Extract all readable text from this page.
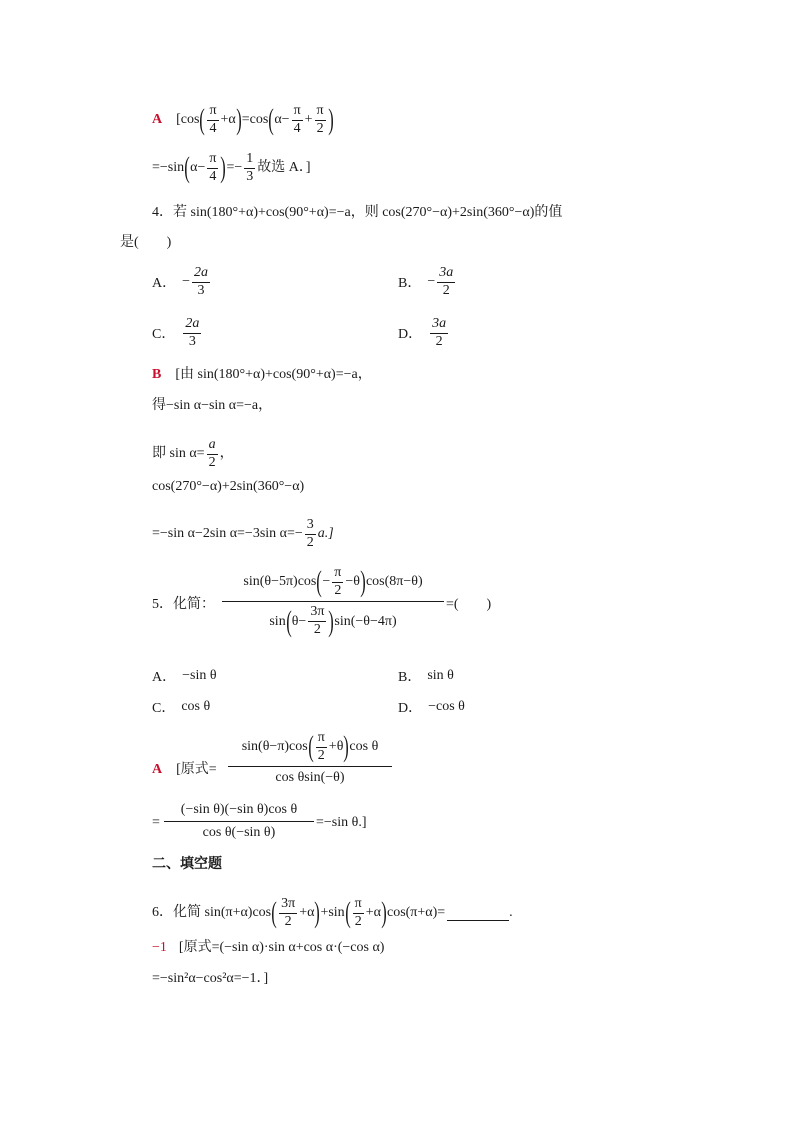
A [cos ( $\frac{\pi}{4} +\alpha$ ) =cos ( $\alpha- \frac{\pi}{4} + \frac{\pi}{2}$ )
=−sin ( $\alpha- \frac{\pi}{4}$ ) =− $\frac{1}{3}$ 故选 A．]
4．若 sin(180°+α)+cos(90°+α)=−a，则 cos(270°−α)+2sin(360°−α)的值
是(　　)
A． − $\frac{2a}{3}$	B． − $\frac{3a}{2}$
C． $\frac{2a}{3}$	D． $\frac{3a}{2}$
B [由 sin(180°+α)+cos(90°+α)=−a，
得−sin α−sin α=−a，
即 $\sin \alpha= \frac{a}{2}$ ，
cos(270°−α)+2sin(360°−α)
=−sin α−2sin α=−3sin $\alpha=- \frac{3}{2} a$.]
5．化简：
sin(θ−5π)cos ( − $\frac{\pi}{2} -\theta$ ) cos(8π−θ)
sin ( $\theta- \frac{3\pi}{2}$ ) sin(−θ−4π)
=(　　)
A． −sin θ	B． sin θ
C． cos θ	D． −cos θ
A [原式=
sin(θ−π)cos ( $\frac{\pi}{2} +\theta$ ) cos θ
cos θsin(−θ)
=
(−sin θ)(−sin θ)cos θ
cos θ(−sin θ)
=−sin θ.]
二、填空题
6．化简 sin(π+α)cos ( $\frac{3\pi}{2} +\alpha$ ) +sin ( $\frac{\pi}{2} +\alpha$ ) cos(π+α)=	.
−1 [原式=(−sin α)·sin α+cos α·(−cos α)
=−sin²α−cos²α=−1．]
